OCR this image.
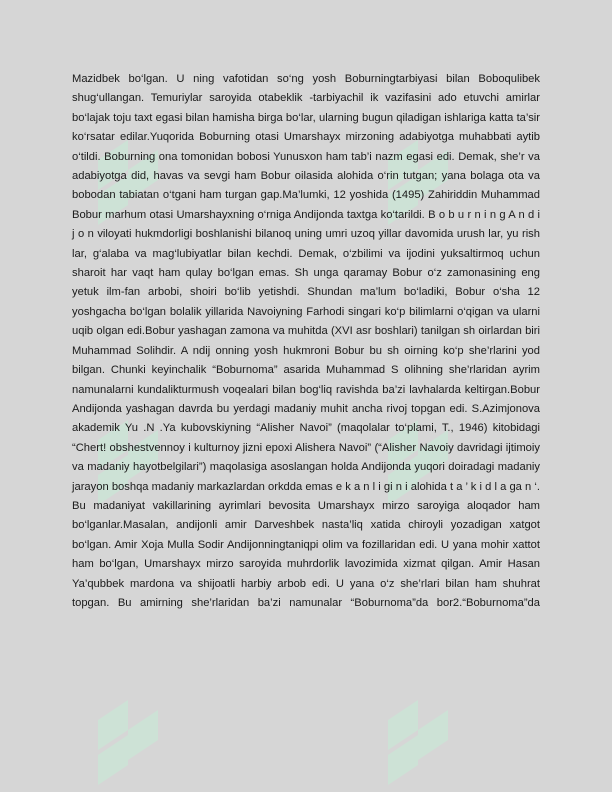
Mazidbek bo‘lgan. U ning vafotidan so‘ng yosh Boburningtarbiyasi bilan Boboqulibek shug‘ullangan. Temuriylar saroyida otabeklik -tarbiyachil ik vazifasini ado etuvchi amirlar bo‘lajak toju taxt egasi bilan hamisha birga bo‘lar, ularning bugun qiladigan ishlariga katta ta’sir ko‘rsatar edilar.Yuqorida Boburning otasi Umarshayx mirzoning adabiyotga muhabbati aytib o‘tildi. Boburning ona tomonidan bobosi Yunusxon ham tab’i nazm egasi edi. Demak, she’r va adabiyotga did, havas va sevgi ham Bobur oilasida alohida o‘rin tutgan; yana bolaga ota va bobodan tabiatan o‘tgani ham turgan gap.Ma’lumki, 12 yoshida (1495) Zahiriddin Muhammad Bobur marhum otasi Umarshayxning o‘rniga Andijonda taxtga ko‘tarildi. B o b u r n i n g A n d i j o n viloyati hukmdorligi boshlanishi bilanoq uning umri uzoq yillar davomida urush lar, yu rish lar, g‘alaba va mag‘lubiyatlar bilan kechdi. Demak, o‘zbilimi va ijodini yuksaltirmoq uchun sharoit har vaqt ham qulay bo‘lgan emas. Sh unga qaramay Bobur o‘z zamonasining eng yetuk ilm-fan arbobi, shoiri bo‘lib yetishdi. Shundan ma’lum bo‘ladiki, Bobur o‘sha 12 yoshgacha bo‘lgan bolalik yillarida Navoiyning Farhodi singari ko‘p bilimlarni o‘qigan va ularni uqib olgan edi.Bobur yashagan zamona va muhitda (XVI asr boshlari) tanilgan sh oirlardan biri Muhammad Solihdir. A ndij onning yosh hukmroni Bobur bu sh oirning ko‘p she’rlarini yod bilgan. Chunki keyinchalik “Boburnoma” asarida Muhammad S olihning she’rlaridan ayrim namunalarni kundalikturmush voqealari bilan bog‘liq ravishda ba’zi lavhalarda keltirgan.Bobur Andijonda yashagan davrda bu yerdagi madaniy muhit ancha rivoj topgan edi. S.Azimjonova akademik Yu .N .Ya kubovskiyning “Alisher Navoi” (maqolalar to‘plami, T., 1946) kitobidagi “Chert! obshestvennoy i kulturnoy jizni epoxi Alishera Navoi” (“Alisher Navoiy davridagi ijtimoiy va madaniy hayotbelgilari”) maqolasiga asoslangan holda Andijonda yuqori doiradagi madaniy jarayon boshqa madaniy markazlardan orkdda emas e k a n l i gi n i alohida t a ’ k i d l a ga n ‘. Bu madaniyat vakillarining ayrimlari bevosita Umarshayx mirzo saroyiga aloqador ham bo‘lganlar.Masalan, andijonli amir Darveshbek nasta’liq xatida chiroyli yozadigan xatgot bo‘lgan. Amir Xoja Mulla Sodir Andijonningtaniqpi olim va fozillaridan edi. U yana mohir xattot ham bo‘lgan, Umarshayx mirzo saroyida muhrdorlik lavozimida xizmat qilgan. Amir Hasan Ya’qubbek mardona va shijoatli harbiy arbob edi. U yana o‘z she’rlari bilan ham shuhrat topgan. Bu amirning she’rlaridan ba’zi namunalar “Boburnoma”da bor2.“Boburnoma”da
